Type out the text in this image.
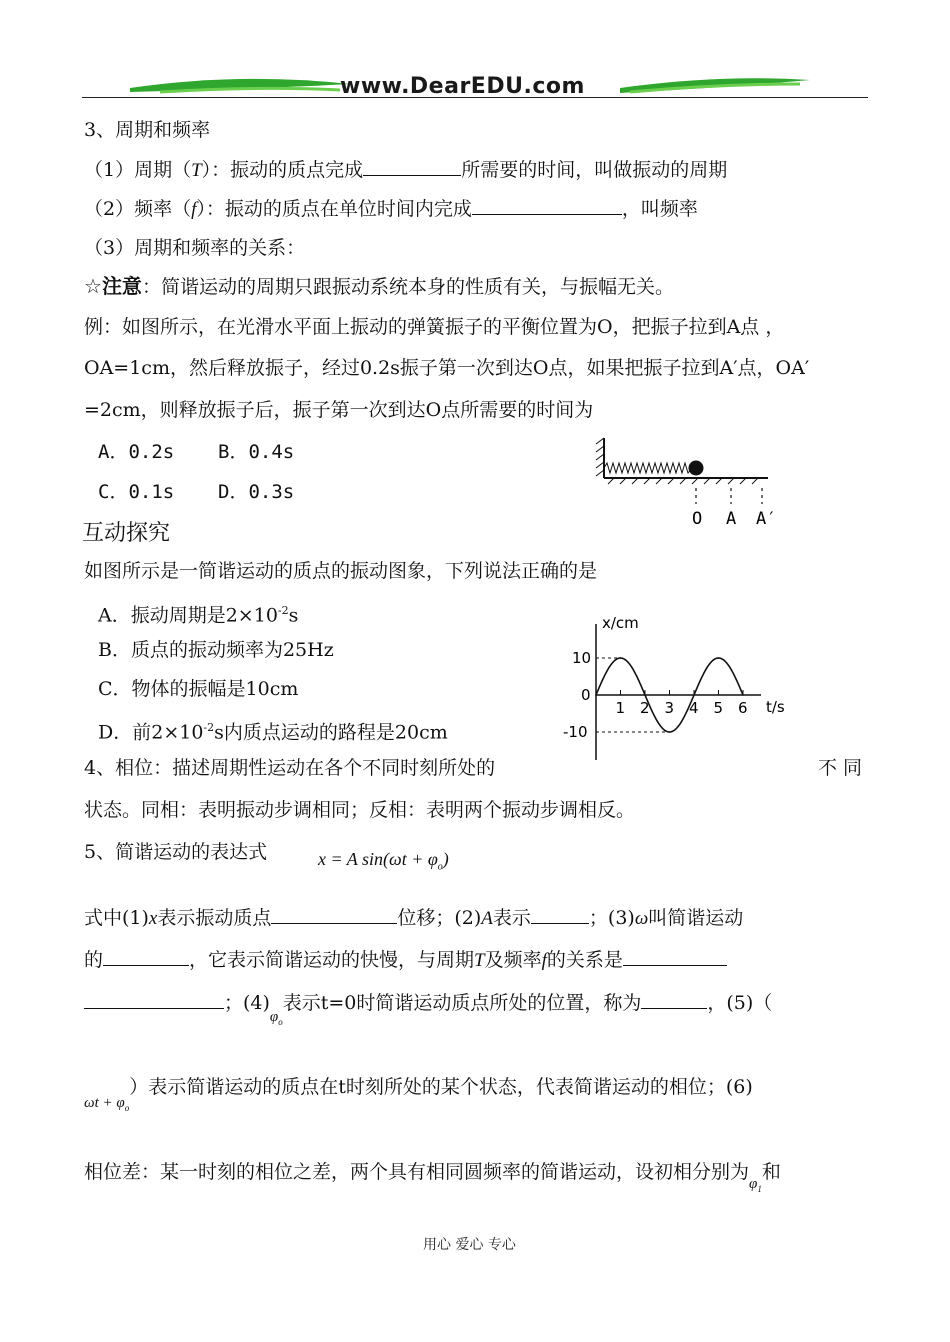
www.DearEDU.com
3、周期和频率
（1）周期（T）：振动的质点完成	所需要的时间，叫做振动的周期
（2）频率（f）：振动的质点在单位时间内完成	，叫频率
（3）周期和频率的关系：
☆注意：简谐运动的周期只跟振动系统本身的性质有关，与振幅无关。
例：如图所示，在光滑水平面上振动的弹簧振子的平衡位置为O，把振子拉到A点 ，
OA=1cm，然后释放振子，经过0.2s振子第一次到达O点，如果把振子拉到A′点，OA′
=2cm，则释放振子后，振子第一次到达O点所需要的时间为
A．0.2s B．0.4s
C．0.1s D．0.3s
O A A′
互动探究
如图所示是一简谐运动的质点的振动图象，下列说法正确的是
A．振动周期是$2\times 10^{-2}s$
B．质点的振动频率为25Hz
C．物体的振幅是10cm
D．前$2\times 10^{-2}s$内质点运动的路程是20cm
x/cm
t/s
1 2 3 4 5 6
10
0
-10
4、相位：描述周期性运动在各个不同时刻所处的	不 同
状态。同相：表明振动步调相同；反相：表明两个振动步调相反。
5、简谐运动的表达式	x = A $\sin(\omega t + \varphi_o)$
式中(1)x表示振动质点	位移；(2)A表示	；(3)ω叫简谐运动
的	，它表示简谐运动的快慢，与周期T及频率f的关系是
；$(4)_{\varphi_o}$表示t=0时简谐运动质点所处的位置，称为	，(5)（
$_{\omega t + \varphi_o}$）表示简谐运动的质点在t时刻所处的某个状态，代表简谐运动的相位；(6)
相位差：某一时刻的相位之差，两个具有相同圆频率的简谐运动，设初相分别为$_{\varphi_1}$和
用心 爱心 专心
